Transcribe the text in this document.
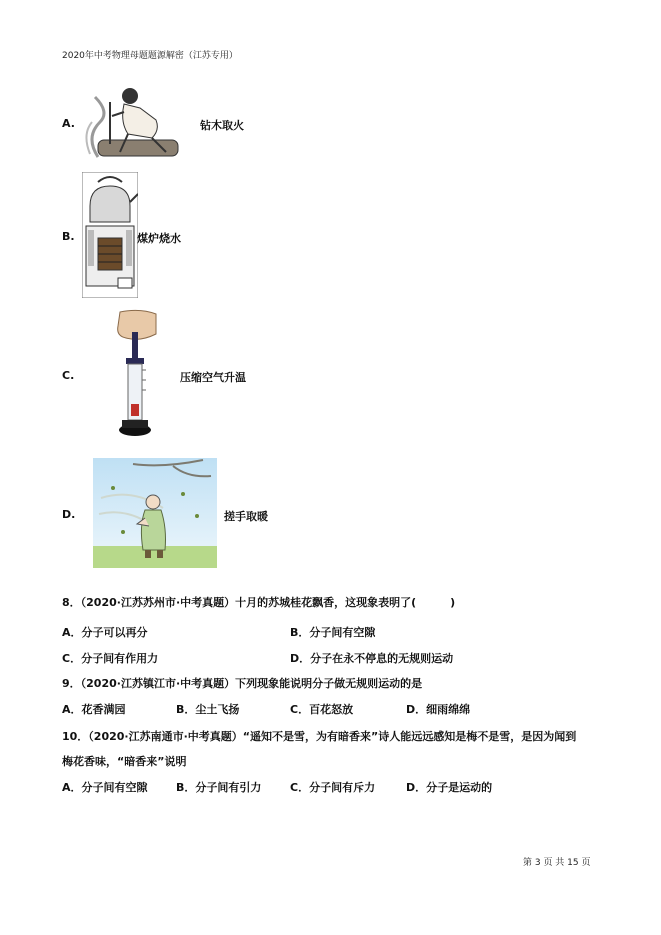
2020年中考物理母题题源解密（江苏专用）
A.	钻木取火
B.	煤炉烧水
C.	压缩空气升温
D.	搓手取暖
8．（2020·江苏苏州市·中考真题）十月的苏城桂花飘香，这现象表明了(	)
A．分子可以再分	B．分子间有空隙
C．分子间有作用力	D．分子在永不停息的无规则运动
9．（2020·江苏镇江市·中考真题）下列现象能说明分子做无规则运动的是
A．花香满园	B．尘土飞扬	C．百花怒放	D．细雨绵绵
10．（2020·江苏南通市·中考真题）“遥知不是雪，为有暗香来”诗人能远远感知是梅不是雪，是因为闻到
梅花香味，“暗香来”说明
A．分子间有空隙	B．分子间有引力	C．分子间有斥力	D．分子是运动的
第 3 页 共 15 页
